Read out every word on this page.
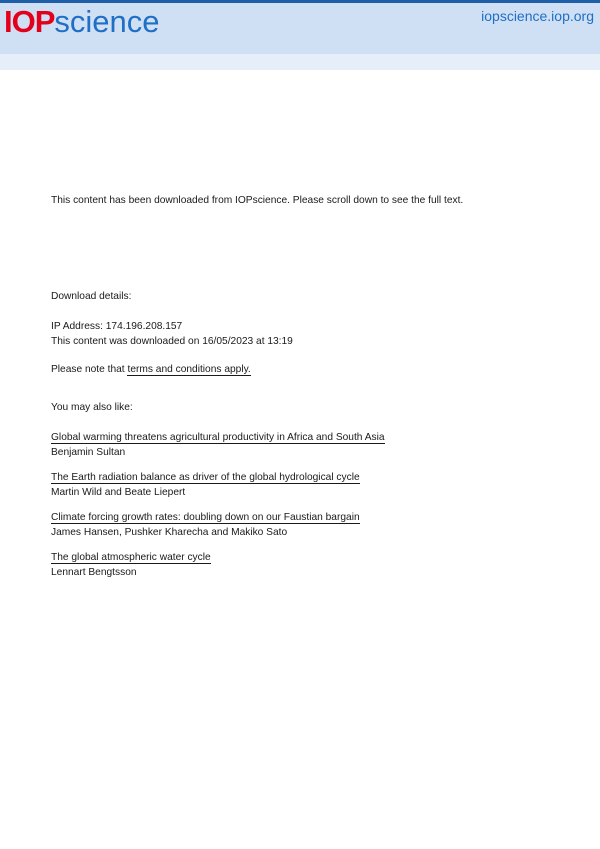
IOP science	iopscience.iop.org
This content has been downloaded from IOPscience. Please scroll down to see the full text.
Download details:
IP Address: 174.196.208.157
This content was downloaded on 16/05/2023 at 13:19
Please note that terms and conditions apply.
You may also like:
Global warming threatens agricultural productivity in Africa and South Asia
Benjamin Sultan
The Earth radiation balance as driver of the global hydrological cycle
Martin Wild and Beate Liepert
Climate forcing growth rates: doubling down on our Faustian bargain
James Hansen, Pushker Kharecha and Makiko Sato
The global atmospheric water cycle
Lennart Bengtsson
